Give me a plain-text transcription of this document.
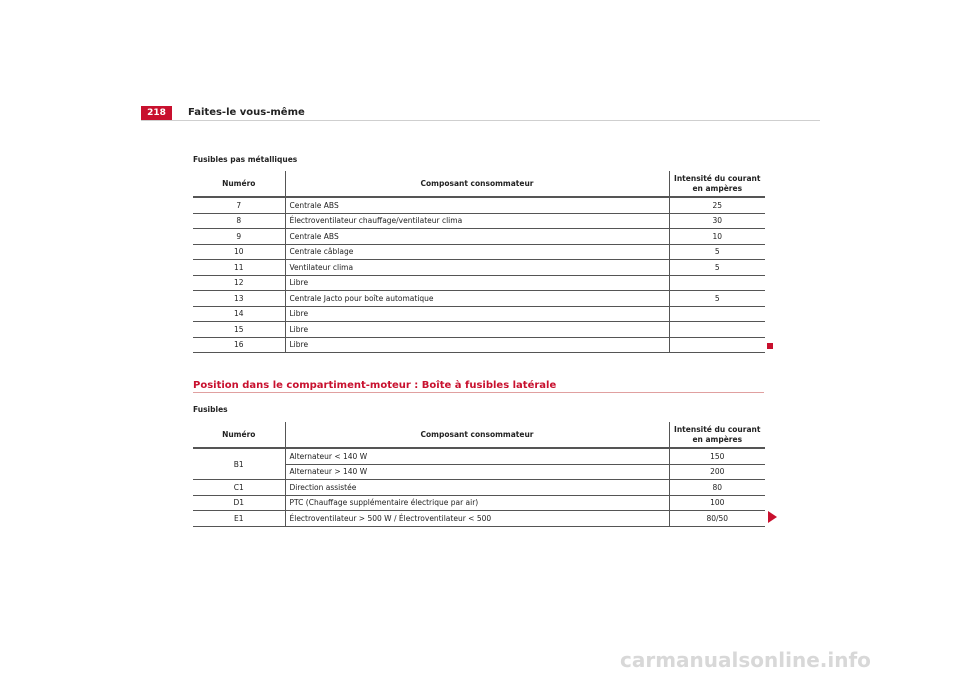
218	Faites-le vous-même
Fusibles pas métalliques
Numéro	Composant consommateur	Intensité du courant en ampères
7	Centrale ABS	25
8	Électroventilateur chauffage/ventilateur clima	30
9	Centrale ABS	10
10	Centrale câblage	5
11	Ventilateur clima	5
12	Libre	
13	Centrale Jacto pour boîte automatique	5
14	Libre	
15	Libre	
16	Libre	
Position dans le compartiment-moteur : Boîte à fusibles latérale
Fusibles
Numéro	Composant consommateur	Intensité du courant en ampères
B1	Alternateur < 140 W	150
	Alternateur > 140 W	200
C1	Direction assistée	80
D1	PTC (Chauffage supplémentaire électrique par air)	100
E1	Électroventilateur > 500 W / Électroventilateur < 500	80/50
carmanualsonline.info
